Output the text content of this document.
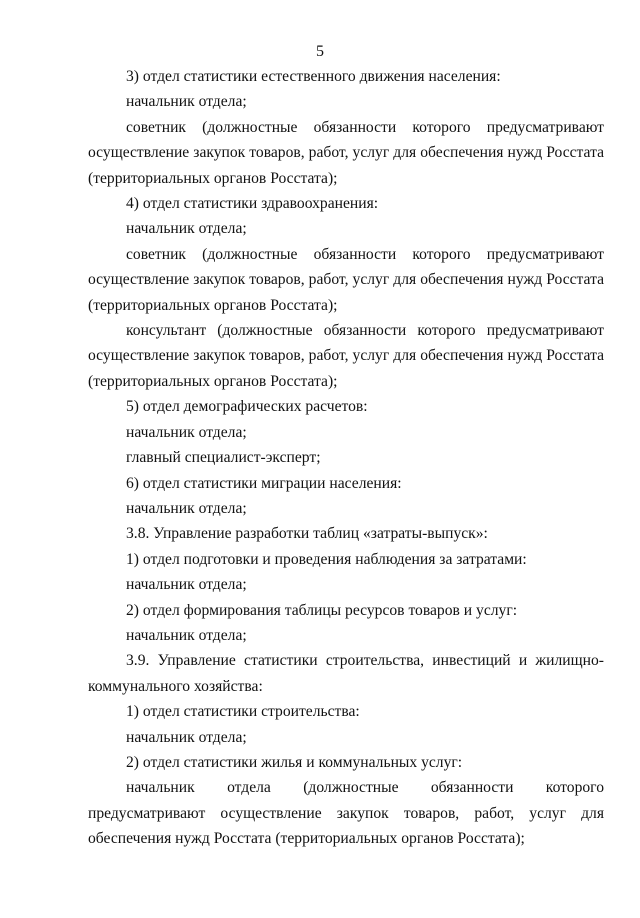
5

3) отдел статистики естественного движения населения:

начальник отдела;

советник (должностные обязанности которого предусматривают осуществление закупок товаров, работ, услуг для обеспечения нужд Росстата (территориальных органов Росстата);

4) отдел статистики здравоохранения:

начальник отдела;

советник (должностные обязанности которого предусматривают осуществление закупок товаров, работ, услуг для обеспечения нужд Росстата (территориальных органов Росстата);

консультант (должностные обязанности которого предусматривают осуществление закупок товаров, работ, услуг для обеспечения нужд Росстата (территориальных органов Росстата);

5) отдел демографических расчетов:

начальник отдела;

главный специалист-эксперт;

6) отдел статистики миграции населения:

начальник отдела;

3.8. Управление разработки таблиц «затраты-выпуск»:

1) отдел подготовки и проведения наблюдения за затратами:

начальник отдела;

2) отдел формирования таблицы ресурсов товаров и услуг:

начальник отдела;

3.9. Управление статистики строительства, инвестиций и жилищно-коммунального хозяйства:

1) отдел статистики строительства:

начальник отдела;

2) отдел статистики жилья и коммунальных услуг:

начальник отдела (должностные обязанности которого предусматривают осуществление закупок товаров, работ, услуг для обеспечения нужд Росстата (территориальных органов Росстата);
